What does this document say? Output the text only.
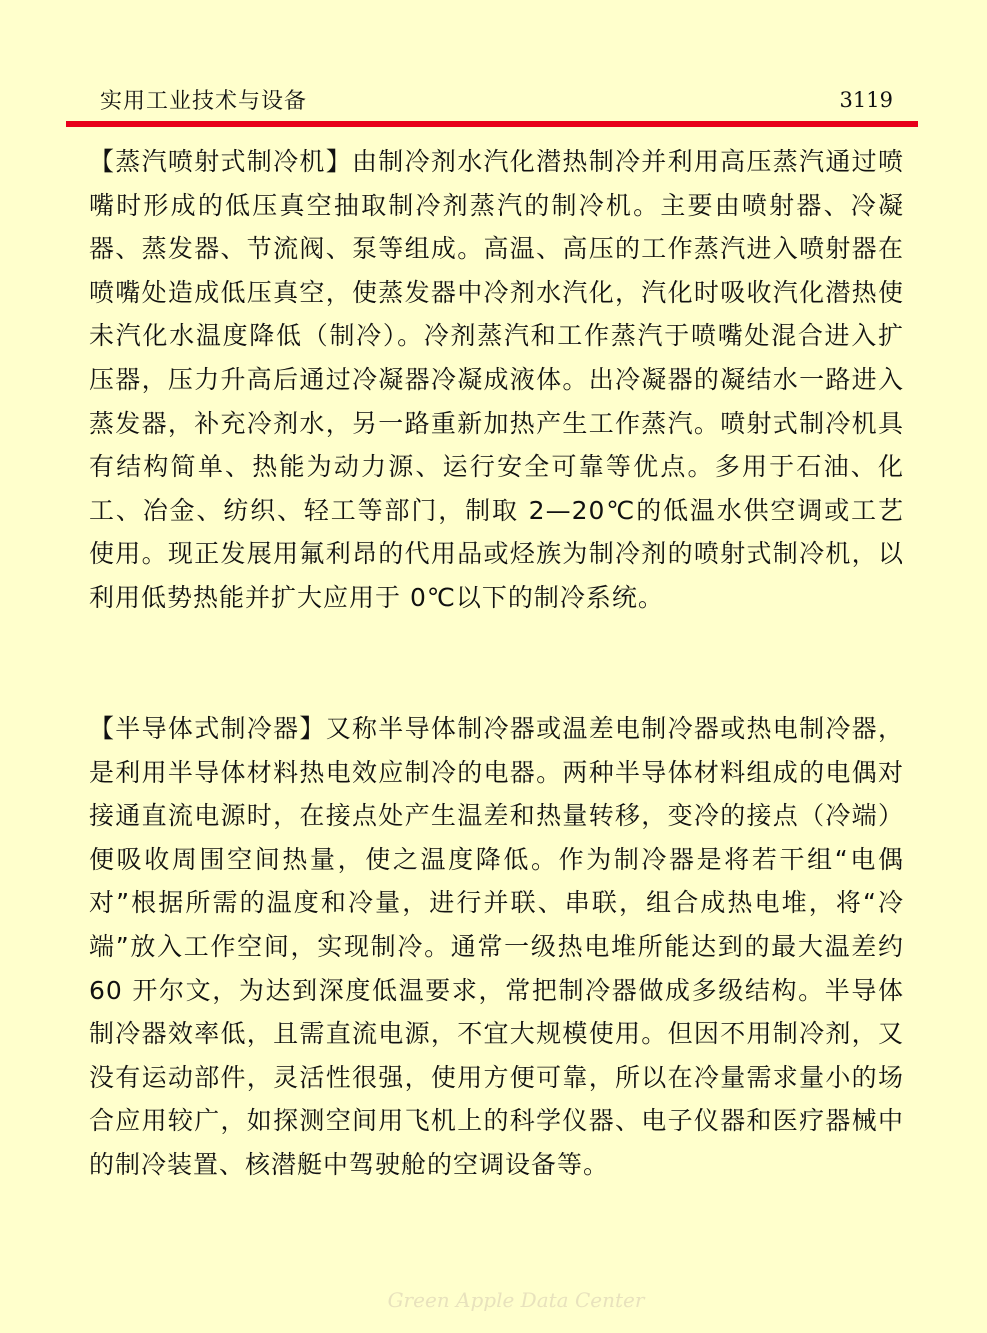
实用工业技术与设备	3119

【蒸汽喷射式制冷机】由制冷剂水汽化潜热制冷并利用高压蒸汽通过喷嘴时形成的低压真空抽取制冷剂蒸汽的制冷机。主要由喷射器、冷凝器、蒸发器、节流阀、泵等组成。高温、高压的工作蒸汽进入喷射器在喷嘴处造成低压真空，使蒸发器中冷剂水汽化，汽化时吸收汽化潜热使未汽化水温度降低（制冷）。冷剂蒸汽和工作蒸汽于喷嘴处混合进入扩压器，压力升高后通过冷凝器冷凝成液体。出冷凝器的凝结水一路进入蒸发器，补充冷剂水，另一路重新加热产生工作蒸汽。喷射式制冷机具有结构简单、热能为动力源、运行安全可靠等优点。多用于石油、化工、冶金、纺织、轻工等部门，制取 2—20℃的低温水供空调或工艺使用。现正发展用氟利昂的代用品或烃族为制冷剂的喷射式制冷机，以利用低势热能并扩大应用于 0℃以下的制冷系统。

【半导体式制冷器】又称半导体制冷器或温差电制冷器或热电制冷器，是利用半导体材料热电效应制冷的电器。两种半导体材料组成的电偶对接通直流电源时，在接点处产生温差和热量转移，变冷的接点（冷端）便吸收周围空间热量，使之温度降低。作为制冷器是将若干组“电偶对”根据所需的温度和冷量，进行并联、串联，组合成热电堆，将“冷端”放入工作空间，实现制冷。通常一级热电堆所能达到的最大温差约 60 开尔文，为达到深度低温要求，常把制冷器做成多级结构。半导体制冷器效率低，且需直流电源，不宜大规模使用。但因不用制冷剂，又没有运动部件，灵活性很强，使用方便可靠，所以在冷量需求量小的场合应用较广，如探测空间用飞机上的科学仪器、电子仪器和医疗器械中的制冷装置、核潜艇中驾驶舱的空调设备等。

Green Apple Data Center
